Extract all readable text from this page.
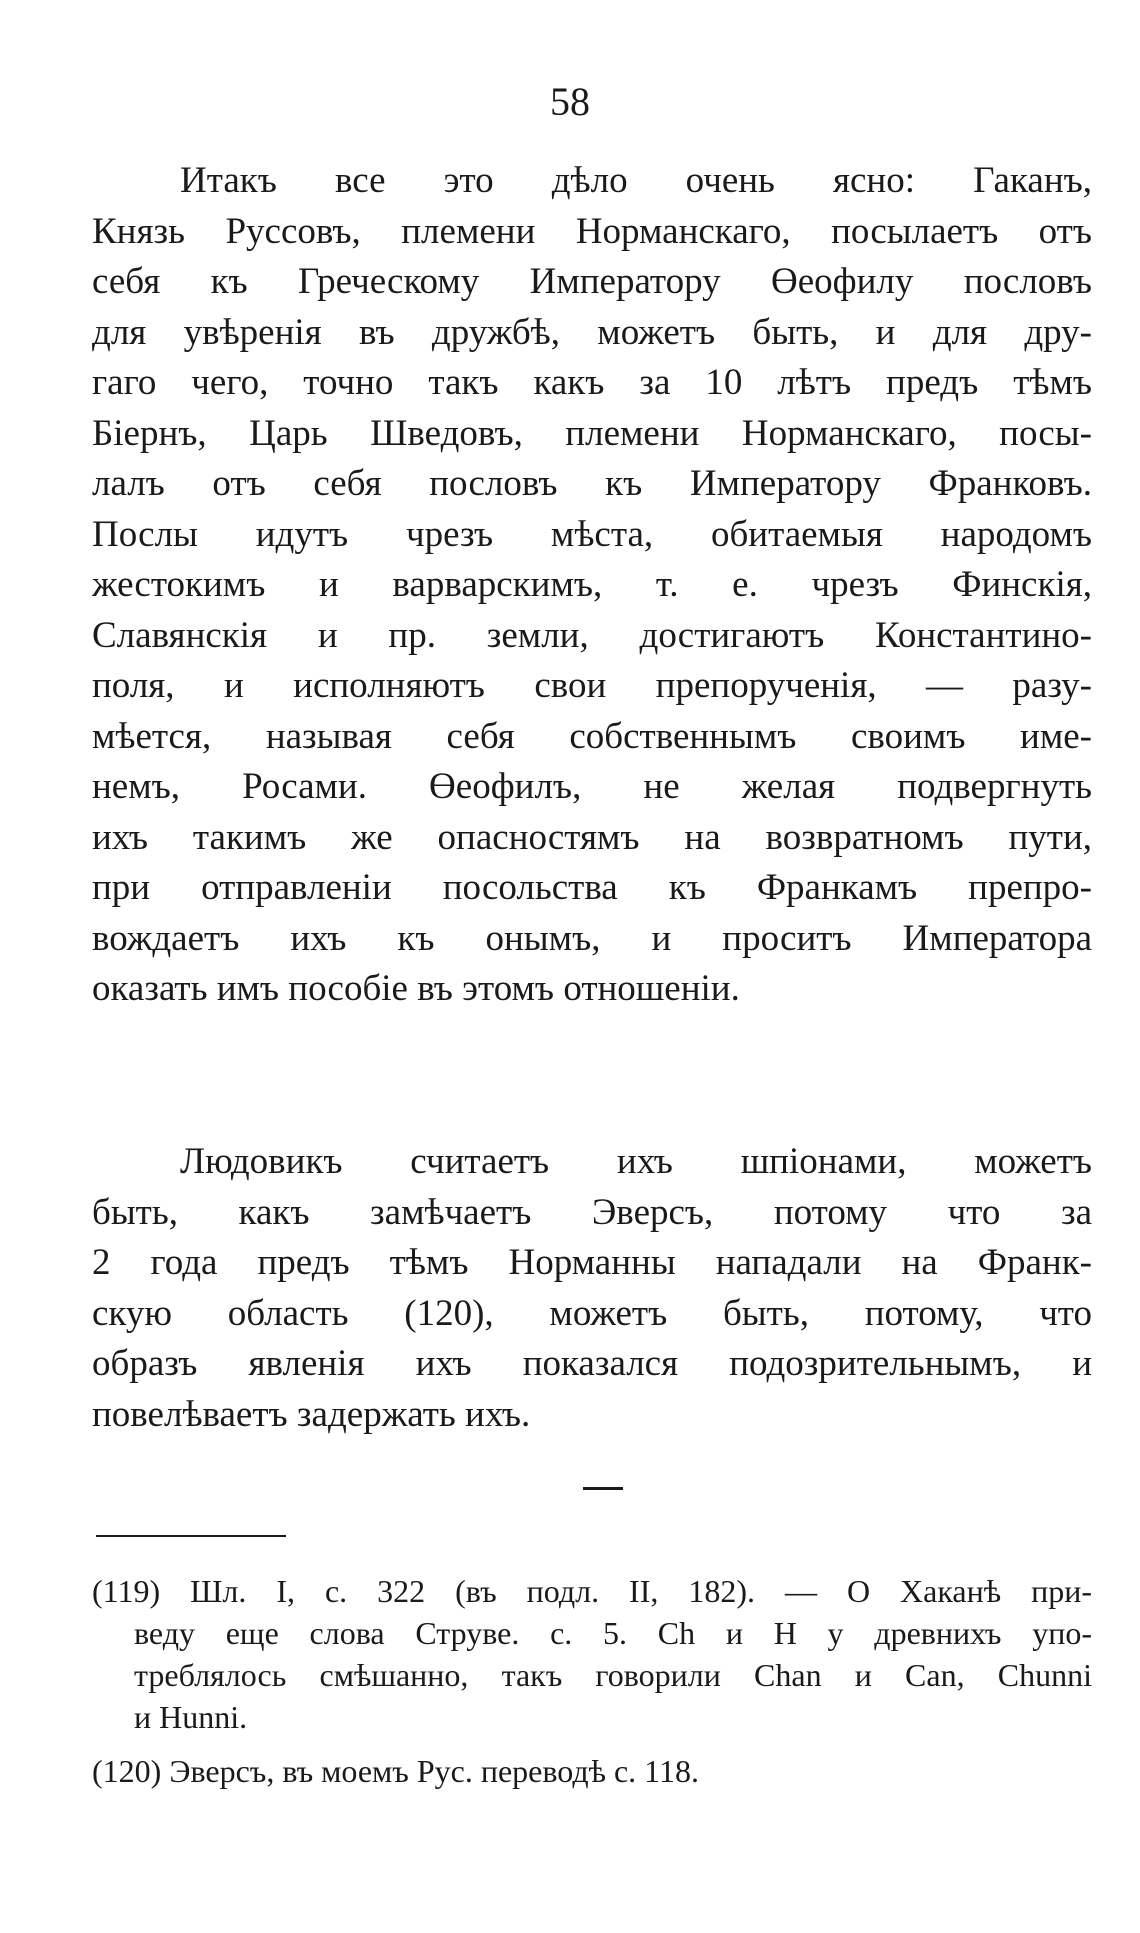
58
Итакъ все это дѣло очень ясно: Гаканъ,
Князь Руссовъ, племени Норманскаго, посылаетъ отъ
себя къ Греческому Императору Өеофилу пословъ
для увѣренія въ дружбѣ, можетъ быть, и для дру-
гаго чего, точно такъ какъ за 10 лѣтъ предъ тѣмъ
Біернъ, Царь Шведовъ, племени Норманскаго, посы-
лалъ отъ себя пословъ къ Императору Франковъ.
Послы идутъ чрезъ мѣста, обитаемыя народомъ
жестокимъ и варварскимъ, т. е. чрезъ Финскія,
Славянскія и пр. земли, достигаютъ Константино-
поля, и исполняютъ свои препорученія, — разу-
мѣется, называя себя собственнымъ своимъ име-
немъ, Росами. Өеофилъ, не желая подвергнуть
ихъ такимъ же опасностямъ на возвратномъ пути,
при отправленіи посольства къ Франкамъ препро-
вождаетъ ихъ къ онымъ, и проситъ Императора
оказать имъ пособіе въ этомъ отношеніи.
Людовикъ считаетъ ихъ шпіонами, можетъ
быть, какъ замѣчаетъ Эверсъ, потому что за
2 года предъ тѣмъ Норманны нападали на Франк-
скую область (120), можетъ быть, потому, что
образъ явленія ихъ показался подозрительнымъ, и
повелѣваетъ задержать ихъ.
(119) Шл. I, с. 322 (въ подл. II, 182). — О Хаканѣ при-
веду еще слова Струве. с. 5. Ch и H у древнихъ упо-
треблялось смѣшанно, такъ говорили Chan и Can, Chunni
и Hunni.
(120) Эверсъ, въ моемъ Рус. переводѣ с. 118.
